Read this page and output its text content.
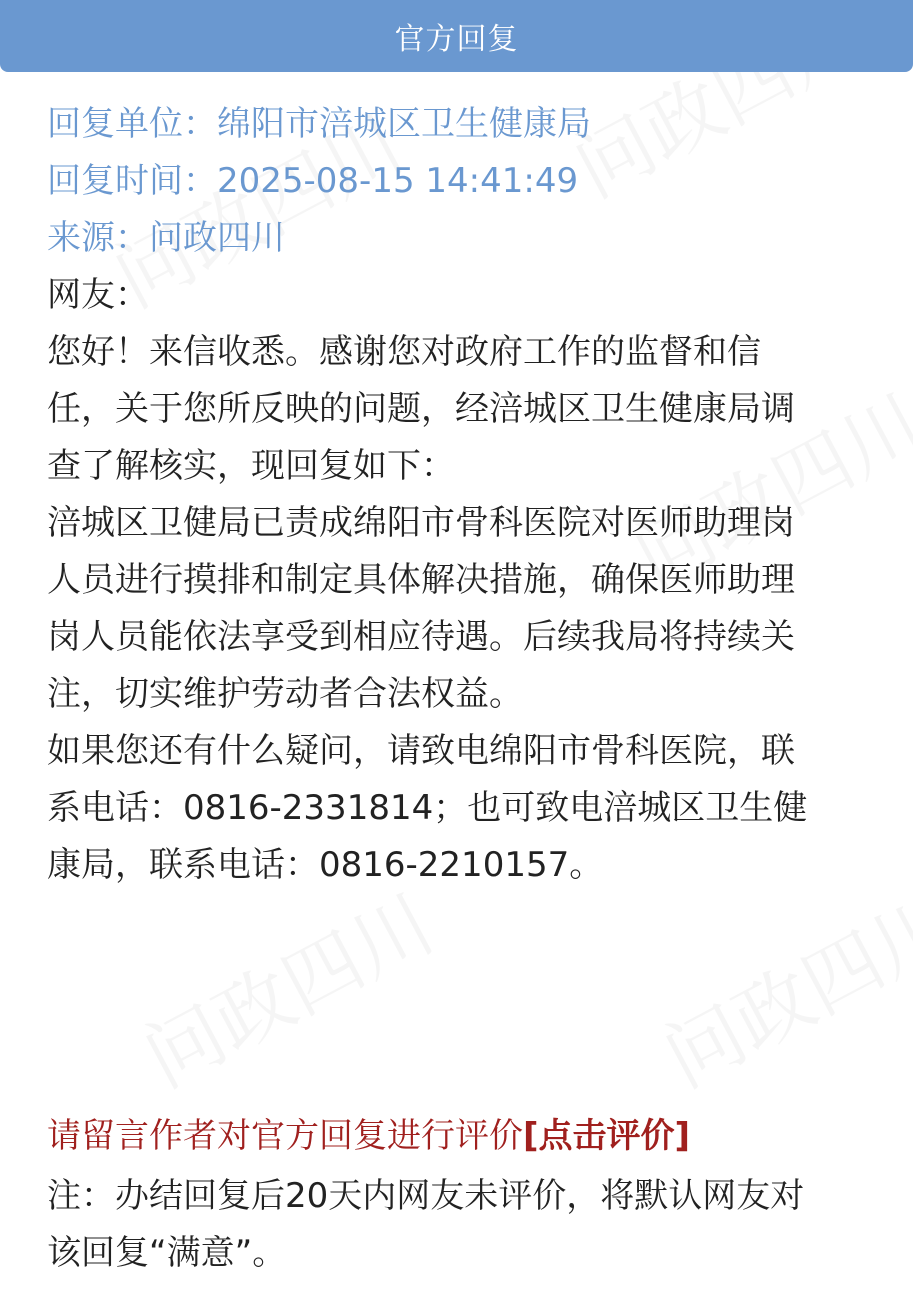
官方回复
回复单位：绵阳市涪城区卫生健康局
回复时间：2025-08-15 14:41:49
来源：问政四川
网友：
您好！来信收悉。感谢您对政府工作的监督和信
任，关于您所反映的问题，经涪城区卫生健康局调
查了解核实，现回复如下：
涪城区卫健局已责成绵阳市骨科医院对医师助理岗
人员进行摸排和制定具体解决措施，确保医师助理
岗人员能依法享受到相应待遇。后续我局将持续关
注，切实维护劳动者合法权益。
如果您还有什么疑问，请致电绵阳市骨科医院，联
系电话：0816-2331814；也可致电涪城区卫生健
康局，联系电话：0816-2210157。
请留言作者对官方回复进行评价[点击评价]
注：办结回复后20天内网友未评价，将默认网友对
该回复“满意”。
